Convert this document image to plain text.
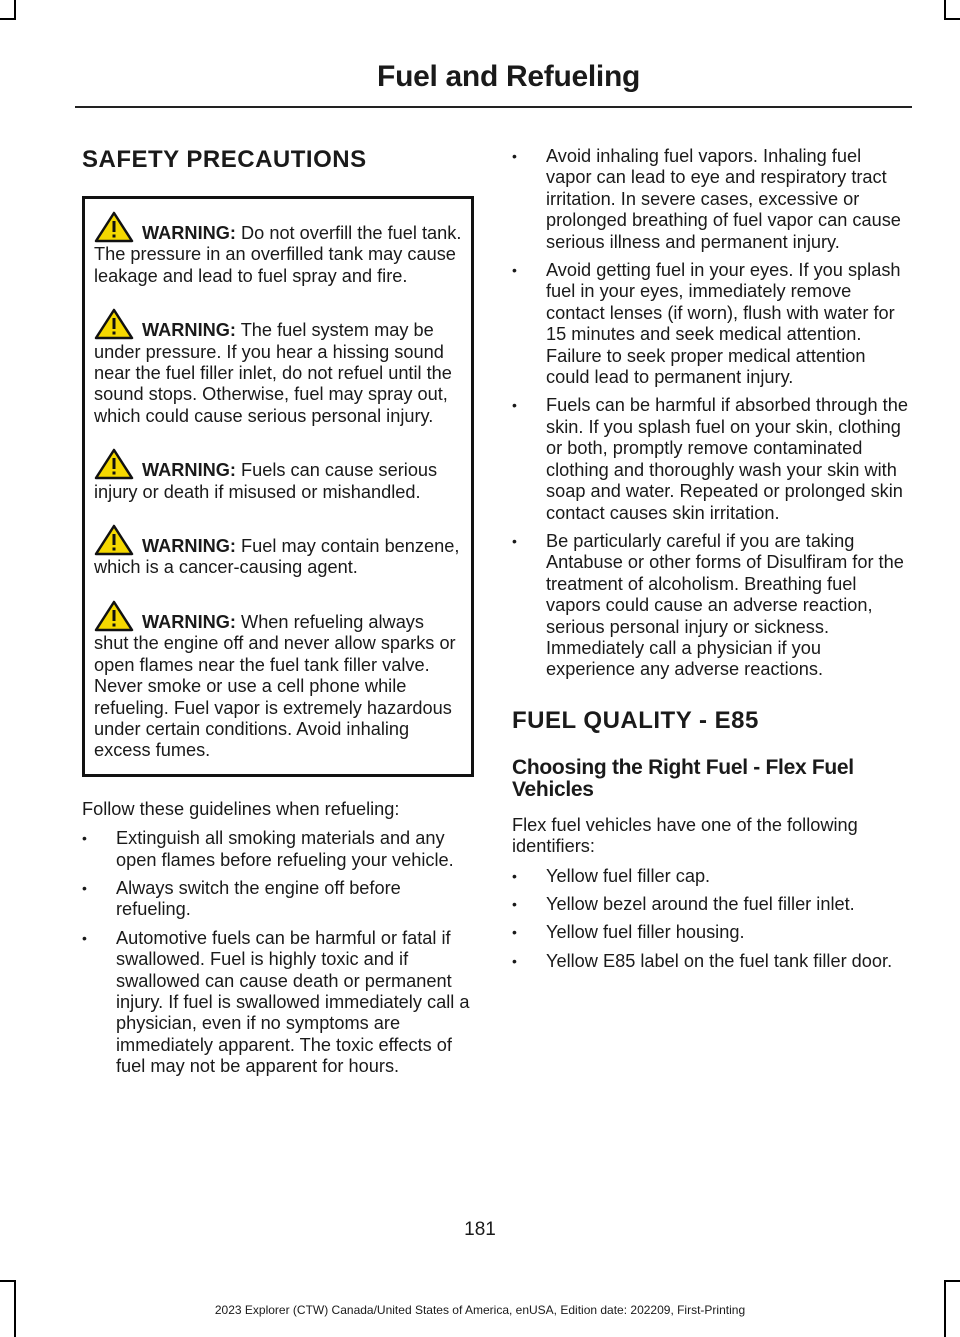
Fuel and Refueling
SAFETY PRECAUTIONS

WARNING: Do not overfill the fuel tank. The pressure in an overfilled tank may cause leakage and lead to fuel spray and fire.

WARNING: The fuel system may be under pressure. If you hear a hissing sound near the fuel filler inlet, do not refuel until the sound stops. Otherwise, fuel may spray out, which could cause serious personal injury.

WARNING: Fuels can cause serious injury or death if misused or mishandled.

WARNING: Fuel may contain benzene, which is a cancer-causing agent.

WARNING: When refueling always shut the engine off and never allow sparks or open flames near the fuel tank filler valve. Never smoke or use a cell phone while refueling. Fuel vapor is extremely hazardous under certain conditions. Avoid inhaling excess fumes.

Follow these guidelines when refueling:

• Extinguish all smoking materials and any open flames before refueling your vehicle.
• Always switch the engine off before refueling.
• Automotive fuels can be harmful or fatal if swallowed. Fuel is highly toxic and if swallowed can cause death or permanent injury. If fuel is swallowed immediately call a physician, even if no symptoms are immediately apparent. The toxic effects of fuel may not be apparent for hours.
• Avoid inhaling fuel vapors. Inhaling fuel vapor can lead to eye and respiratory tract irritation. In severe cases, excessive or prolonged breathing of fuel vapor can cause serious illness and permanent injury.
• Avoid getting fuel in your eyes. If you splash fuel in your eyes, immediately remove contact lenses (if worn), flush with water for 15 minutes and seek medical attention. Failure to seek proper medical attention could lead to permanent injury.
• Fuels can be harmful if absorbed through the skin. If you splash fuel on your skin, clothing or both, promptly remove contaminated clothing and thoroughly wash your skin with soap and water. Repeated or prolonged skin contact causes skin irritation.
• Be particularly careful if you are taking Antabuse or other forms of Disulfiram for the treatment of alcoholism. Breathing fuel vapors could cause an adverse reaction, serious personal injury or sickness. Immediately call a physician if you experience any adverse reactions.
FUEL QUALITY - E85
Choosing the Right Fuel - Flex Fuel Vehicles

Flex fuel vehicles have one of the following identifiers:

• Yellow fuel filler cap.
• Yellow bezel around the fuel filler inlet.
• Yellow fuel filler housing.
• Yellow E85 label on the fuel tank filler door.
181
2023 Explorer (CTW) Canada/United States of America, enUSA, Edition date: 202209, First-Printing
